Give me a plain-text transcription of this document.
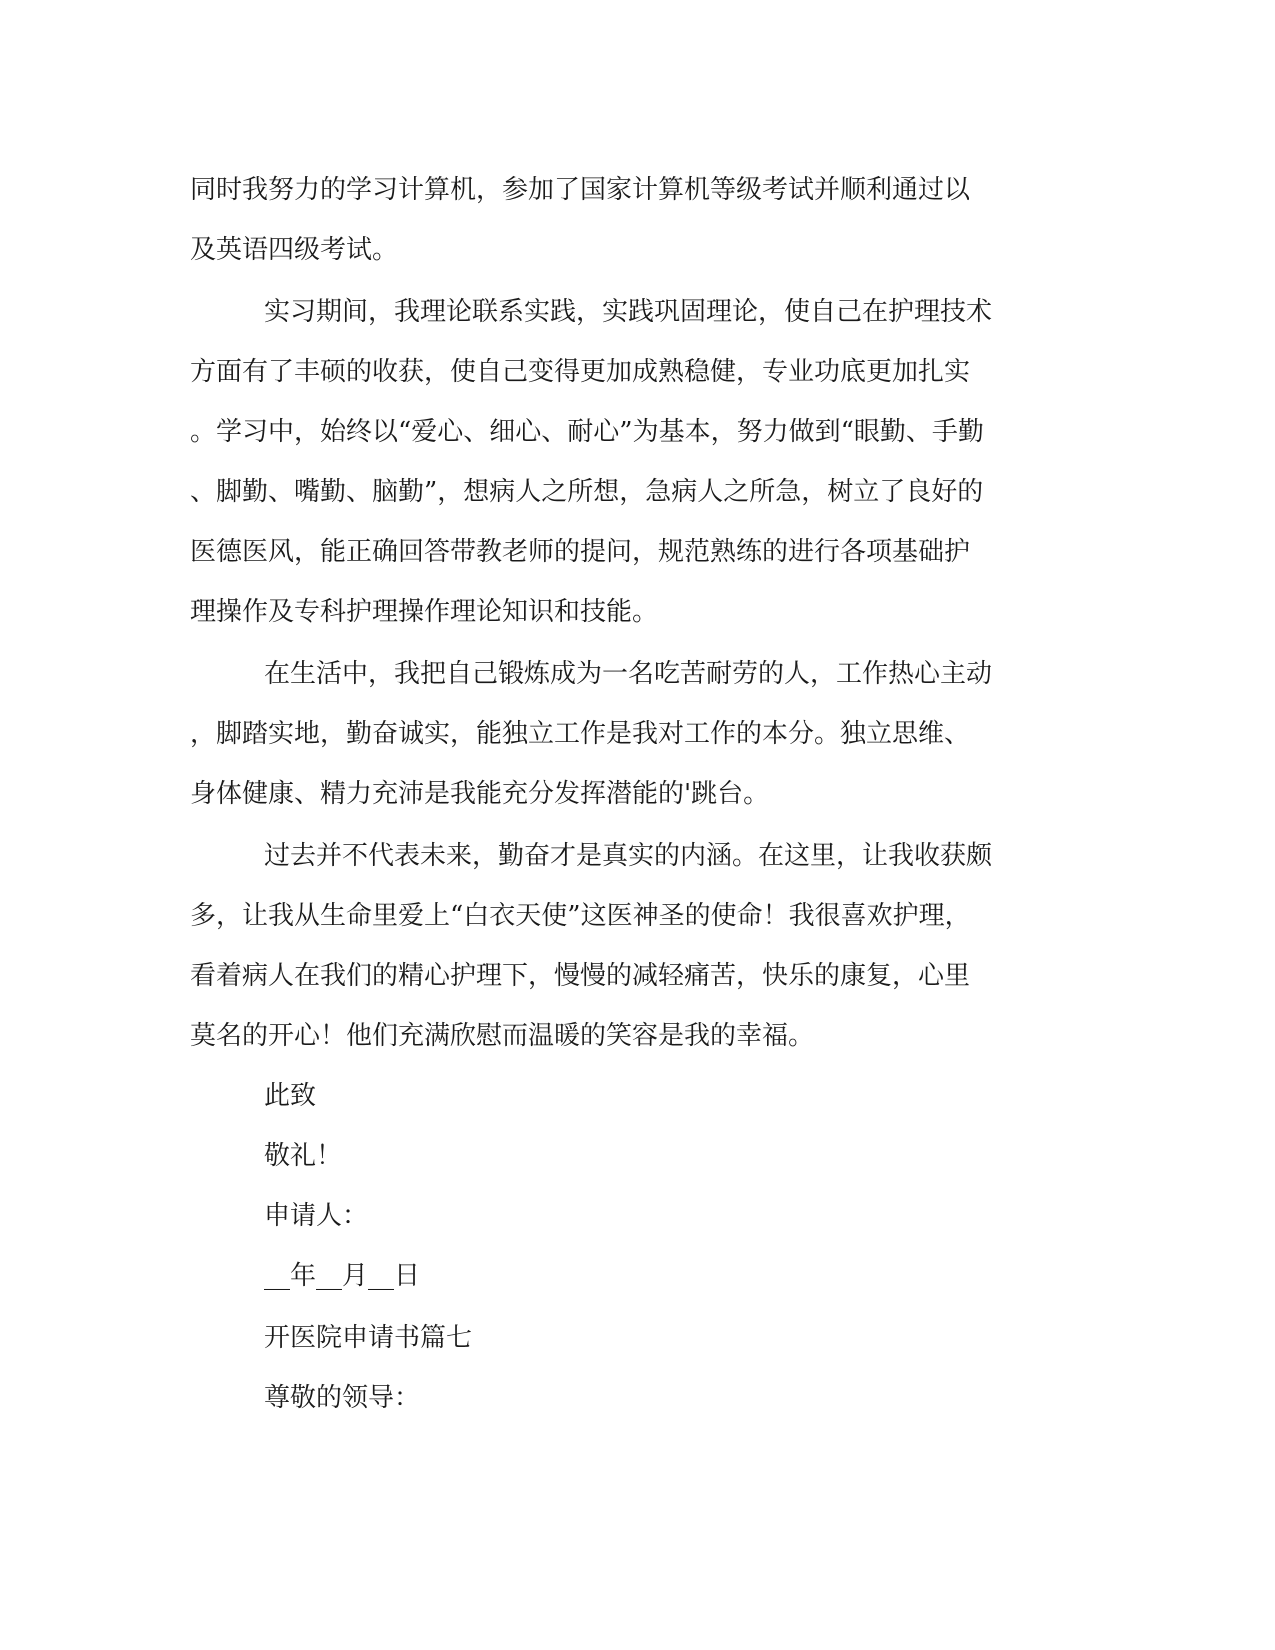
同时我努力的学习计算机，参加了国家计算机等级考试并顺利通过以
及英语四级考试。
实习期间，我理论联系实践，实践巩固理论，使自己在护理技术
方面有了丰硕的收获，使自己变得更加成熟稳健，专业功底更加扎实
。学习中，始终以“爱心、细心、耐心”为基本，努力做到“眼勤、手勤
、脚勤、嘴勤、脑勤”，想病人之所想，急病人之所急，树立了良好的
医德医风，能正确回答带教老师的提问，规范熟练的进行各项基础护
理操作及专科护理操作理论知识和技能。
在生活中，我把自己锻炼成为一名吃苦耐劳的人，工作热心主动
，脚踏实地，勤奋诚实，能独立工作是我对工作的本分。独立思维、
身体健康、精力充沛是我能充分发挥潜能的'跳台。
过去并不代表未来，勤奋才是真实的内涵。在这里，让我收获颇
多，让我从生命里爱上“白衣天使”这医神圣的使命！我很喜欢护理，
看着病人在我们的精心护理下，慢慢的减轻痛苦，快乐的康复，心里
莫名的开心！他们充满欣慰而温暖的笑容是我的幸福。
此致
敬礼！
申请人：
__年__月__日
开医院申请书篇七
尊敬的领导：
